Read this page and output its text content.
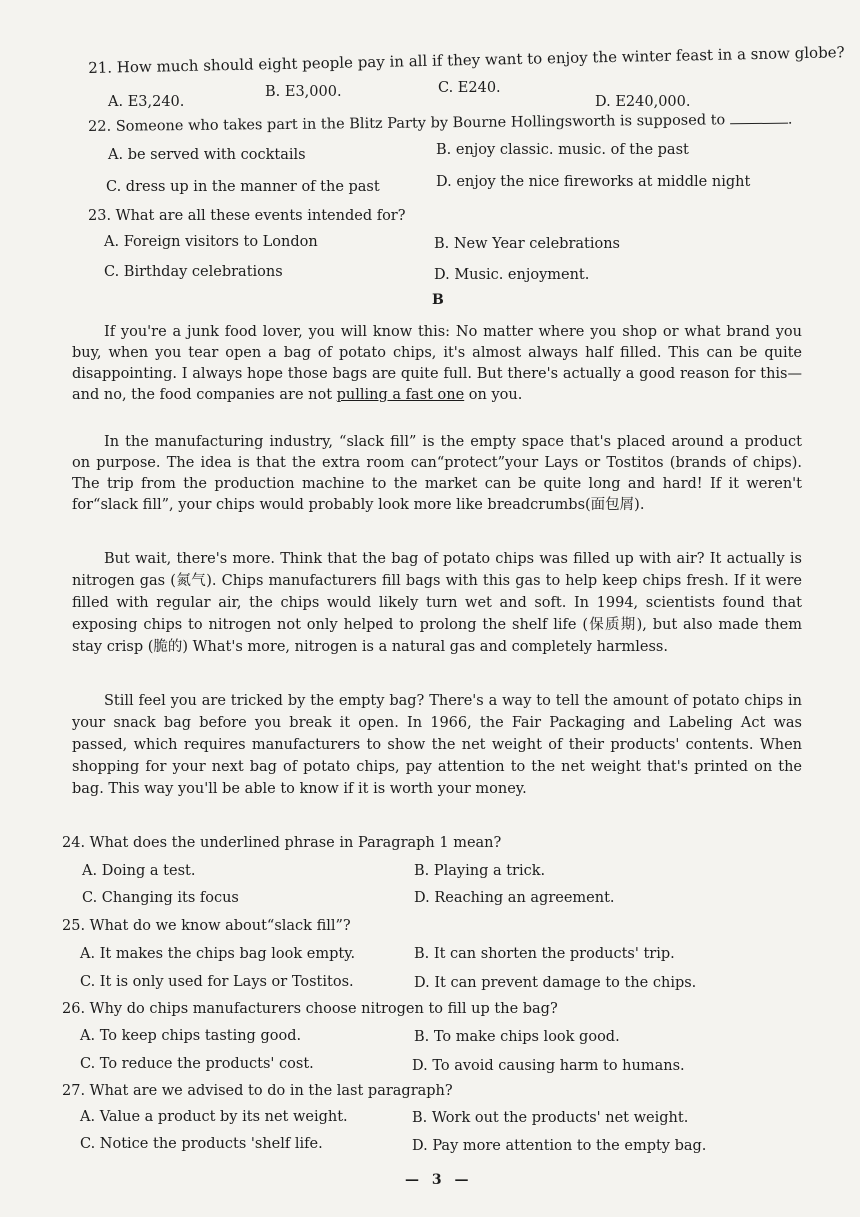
21. How much should eight people pay in all if they want to enjoy the winter feast in a snow globe?
A. E3,240.
B. E3,000.	C. E240.
D. E240,000.
22. Someone who takes part in the Blitz Party by Bourne Hollingsworth is supposed to	.
A. be served with cocktails	B. enjoy classic. music. of the past
C. dress up in the manner of the past	D. enjoy the nice fireworks at middle night
23. What are all these events intended for?
A. Foreign visitors to London	B. New Year celebrations
C. Birthday celebrations	D. Music. enjoyment.
B

If you're a junk food lover, you will know this: No matter where you shop or what brand you buy, when you tear open a bag of potato chips, it's almost always half filled. This can be quite disappointing. I always hope those bags are quite full. But there's actually a good reason for this—and no, the food companies are not pulling a fast one on you.

In the manufacturing industry, “slack fill” is the empty space that's placed around a product on purpose. The idea is that the extra room can“protect”your Lays or Tostitos (brands of chips). The trip from the production machine to the market can be quite long and hard! If it weren't for“slack fill”, your chips would probably look more like breadcrumbs(面包屑).

But wait, there's more. Think that the bag of potato chips was filled up with air? It actually is nitrogen gas (氮气). Chips manufacturers fill bags with this gas to help keep chips fresh. If it were filled with regular air, the chips would likely turn wet and soft. In 1994, scientists found that exposing chips to nitrogen not only helped to prolong the shelf life (保质期), but also made them stay crisp (脆的) What's more, nitrogen is a natural gas and completely harmless.

Still feel you are tricked by the empty bag? There's a way to tell the amount of potato chips in your snack bag before you break it open. In 1966, the Fair Packaging and Labeling Act was passed, which requires manufacturers to show the net weight of their products' contents. When shopping for your next bag of potato chips, pay attention to the net weight that's printed on the bag. This way you'll be able to know if it is worth your money.

24. What does the underlined phrase in Paragraph 1 mean?
A. Doing a test.	B. Playing a trick.
C. Changing its focus	D. Reaching an agreement.
25. What do we know about“slack fill”?
A. It makes the chips bag look empty.	B. It can shorten the products' trip.
C. It is only used for Lays or Tostitos.	D. It can prevent damage to the chips.
26. Why do chips manufacturers choose nitrogen to fill up the bag?
A. To keep chips tasting good.	B. To make chips look good.
C. To reduce the products' cost.	D. To avoid causing harm to humans.
27. What are we advised to do in the last paragraph?
A. Value a product by its net weight.	B. Work out the products' net weight.
C. Notice the products 'shelf life.	D. Pay more attention to the empty bag.
— 3 —
